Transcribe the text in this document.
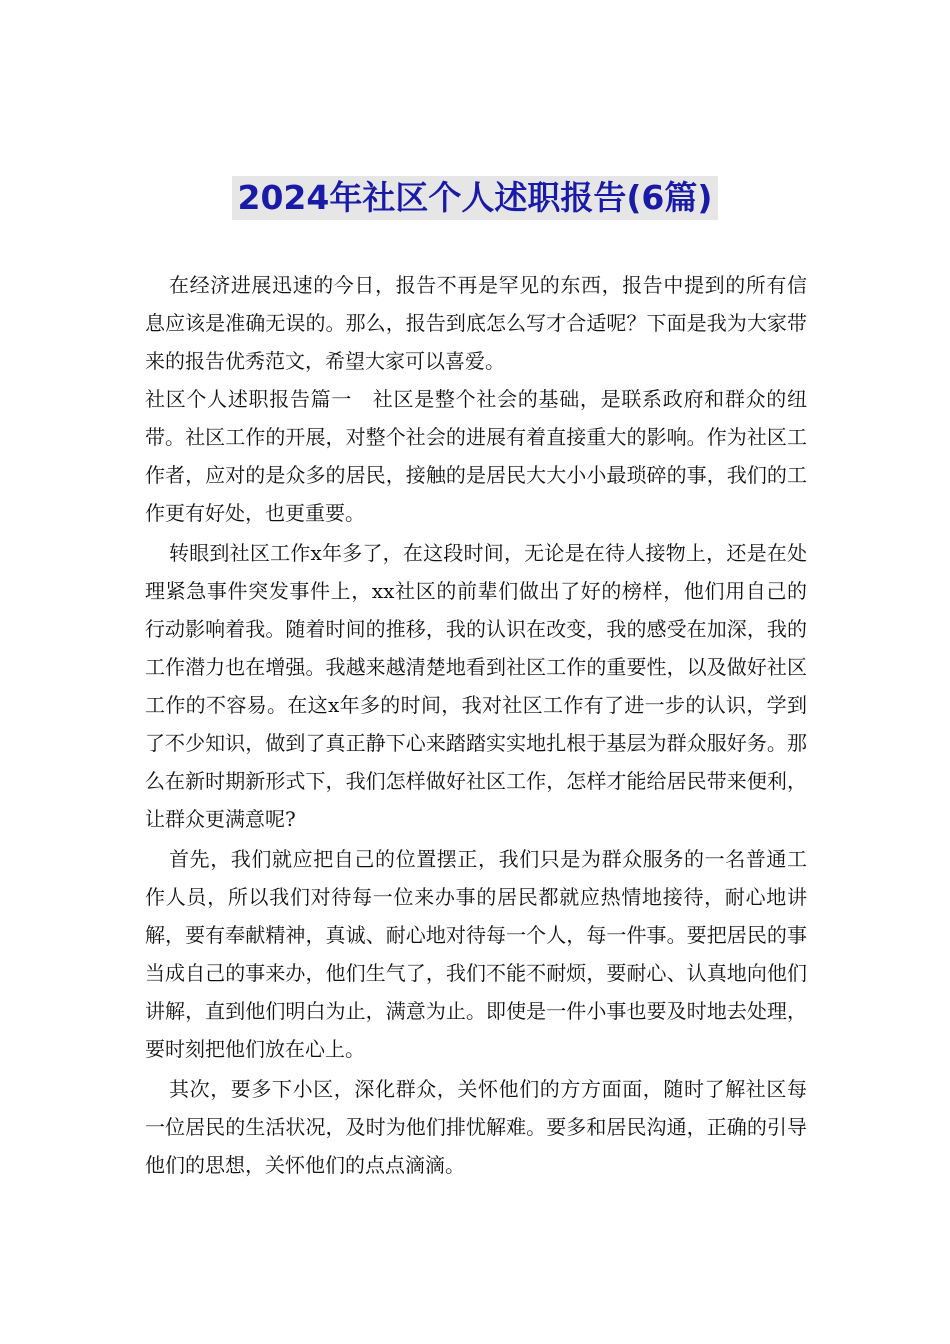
2024年社区个人述职报告(6篇)

在经济进展迅速的今日，报告不再是罕见的东西，报告中提到的所有信息应该是准确无误的。那么，报告到底怎么写才合适呢？下面是我为大家带来的报告优秀范文，希望大家可以喜爱。

社区个人述职报告篇一　社区是整个社会的基础，是联系政府和群众的纽带。社区工作的开展，对整个社会的进展有着直接重大的影响。作为社区工作者，应对的是众多的居民，接触的是居民大大小小最琐碎的事，我们的工作更有好处，也更重要。

转眼到社区工作x年多了，在这段时间，无论是在待人接物上，还是在处理紧急事件突发事件上，xx社区的前辈们做出了好的榜样，他们用自己的行动影响着我。随着时间的推移，我的认识在改变，我的感受在加深，我的工作潜力也在增强。我越来越清楚地看到社区工作的重要性，以及做好社区工作的不容易。在这x年多的时间，我对社区工作有了进一步的认识，学到了不少知识，做到了真正静下心来踏踏实实地扎根于基层为群众服好务。那么在新时期新形式下，我们怎样做好社区工作，怎样才能给居民带来便利，让群众更满意呢?

首先，我们就应把自己的位置摆正，我们只是为群众服务的一名普通工作人员，所以我们对待每一位来办事的居民都就应热情地接待，耐心地讲解，要有奉献精神，真诚、耐心地对待每一个人，每一件事。要把居民的事当成自己的事来办，他们生气了，我们不能不耐烦，要耐心、认真地向他们讲解，直到他们明白为止，满意为止。即使是一件小事也要及时地去处理，要时刻把他们放在心上。

其次，要多下小区，深化群众，关怀他们的方方面面，随时了解社区每一位居民的生活状况，及时为他们排忧解难。要多和居民沟通，正确的引导他们的思想，关怀他们的点点滴滴。
